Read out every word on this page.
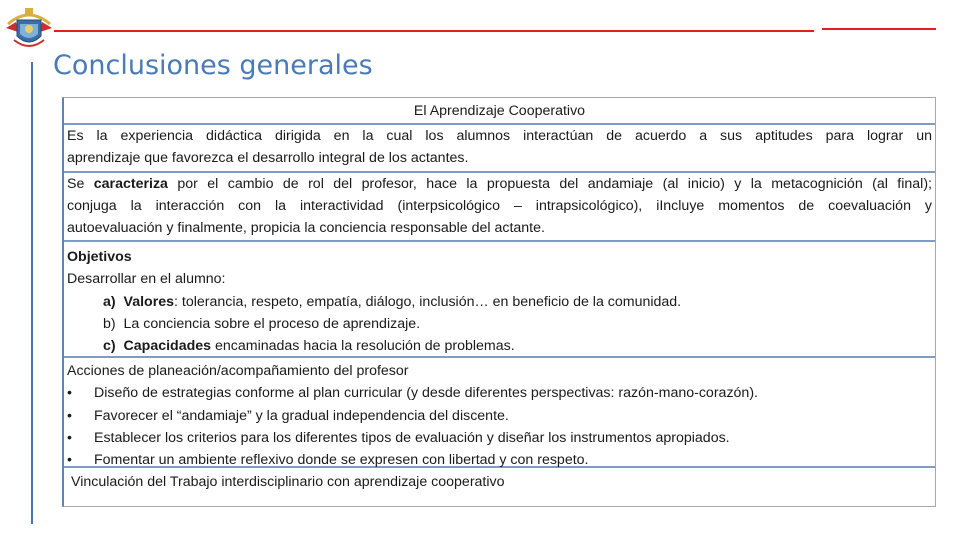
Conclusiones generales
El Aprendizaje Cooperativo
Es la experiencia didáctica dirigida en la cual los alumnos interactúan de acuerdo a sus aptitudes para lograr un
aprendizaje que favorezca el desarrollo integral de los actantes.
Se caracteriza por el cambio de rol del profesor, hace la propuesta del andamiaje (al inicio) y la metacognición (al final);
conjuga la interacción con la interactividad (interpsicológico – intrapsicológico), iIncluye momentos de coevaluación y
autoevaluación y finalmente, propicia la conciencia responsable del actante.
Objetivos
Desarrollar en el alumno:
a) Valores: tolerancia, respeto, empatía, diálogo, inclusión… en beneficio de la comunidad.
b) La conciencia sobre el proceso de aprendizaje.
c) Capacidades encaminadas hacia la resolución de problemas.
Acciones de planeación/acompañamiento del profesor
•	Diseño de estrategias conforme al plan curricular (y desde diferentes perspectivas: razón-mano-corazón).
•	Favorecer el “andamiaje” y la gradual independencia del discente.
•	Establecer los criterios para los diferentes tipos de evaluación y diseñar los instrumentos apropiados.
•	Fomentar un ambiente reflexivo donde se expresen con libertad y con respeto.
Vinculación del Trabajo interdisciplinario con aprendizaje cooperativo
